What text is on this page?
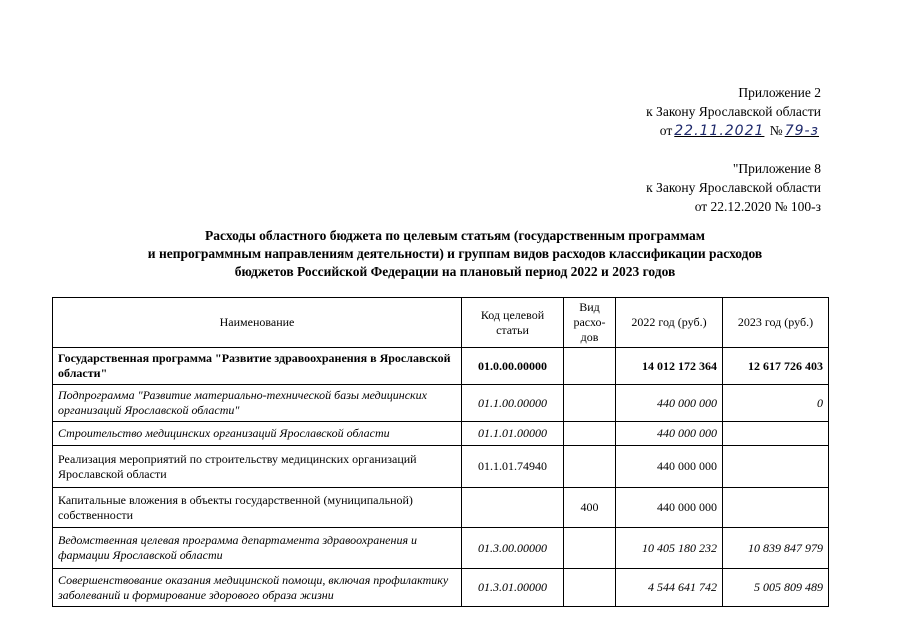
Приложение 2
к Закону Ярославской области
от 22.11.2021 № 79-з
"Приложение 8
к Закону Ярославской области
от 22.12.2020 № 100-з
Расходы областного бюджета по целевым статьям (государственным программам
и непрограммным направлениям деятельности) и группам видов расходов классификации расходов
бюджетов Российской Федерации на плановый период 2022 и 2023 годов
Наименование	Код целевой статьи	Вид расхо-дов	2022 год (руб.)	2023 год (руб.)
Государственная программа "Развитие здравоохранения в Ярославской области"	01.0.00.00000		14 012 172 364	12 617 726 403
Подпрограмма "Развитие материально-технической базы медицинских организаций Ярославской области"	01.1.00.00000		440 000 000	0
Строительство медицинских организаций Ярославской области	01.1.01.00000		440 000 000	
Реализация мероприятий по строительству медицинских организаций Ярославской области	01.1.01.74940		440 000 000	
Капитальные вложения в объекты государственной (муниципальной) собственности		400	440 000 000	
Ведомственная целевая программа департамента здравоохранения и фармации Ярославской области	01.3.00.00000		10 405 180 232	10 839 847 979
Совершенствование оказания медицинской помощи, включая профилактику заболеваний и формирование здорового образа жизни	01.3.01.00000		4 544 641 742	5 005 809 489
